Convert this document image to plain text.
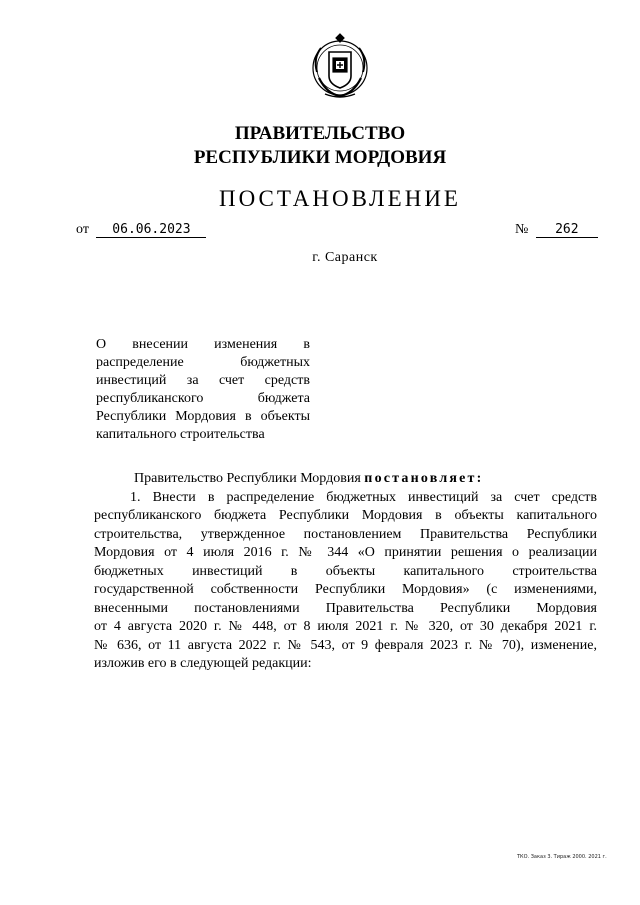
ПРАВИТЕЛЬСТВО
РЕСПУБЛИКИ МОРДОВИЯ
ПОСТАНОВЛЕНИЕ
от 06.06.2023	№ 262
г. Саранск
О внесении изменения в
распределение бюджетных
инвестиций за счет средств
республиканского бюджета
Республики Мордовия в объекты
капитального строительства
Правительство Республики Мордовия постановляет:
1. Внести в распределение бюджетных инвестиций за счет средств
республиканского бюджета Республики Мордовия в объекты капитального
строительства, утвержденное постановлением Правительства Республики
Мордовия от 4 июля 2016 г. № 344 «О принятии решения о реализации
бюджетных инвестиций в объекты капитального строительства
государственной собственности Республики Мордовия» (с изменениями,
внесенными постановлениями Правительства Республики Мордовия
от 4 августа 2020 г. № 448, от 8 июля 2021 г. № 320, от 30 декабря 2021 г.
№ 636, от 11 августа 2022 г. № 543, от 9 февраля 2023 г. № 70), изменение,
изложив его в следующей редакции:
ТКО. Заказ 3. Тираж 2000. 2021 г.
